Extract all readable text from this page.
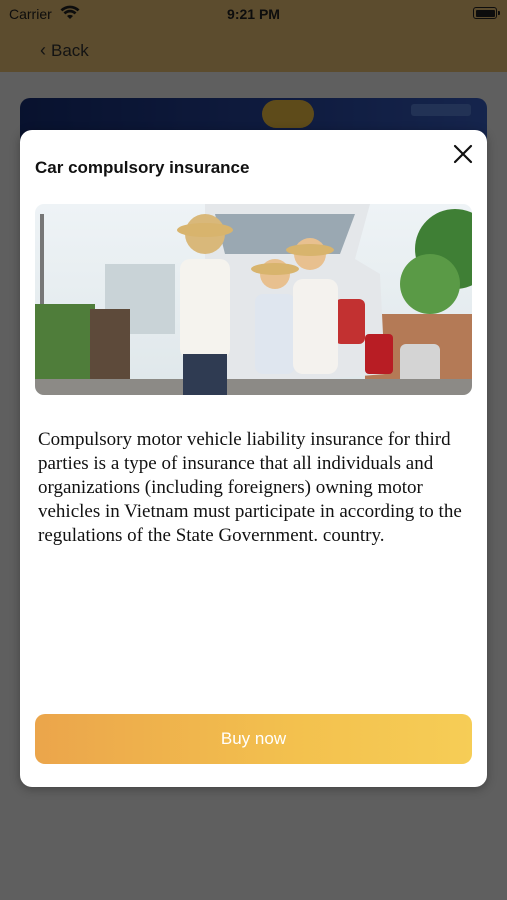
Car compulsory insurance
Compulsory motor vehicle liability insurance for third parties is a type of insurance that all individuals and organizations (including foreigners) owning motor vehicles in Vietnam must participate in according to the regulations of the State Government. country.
Buy now
